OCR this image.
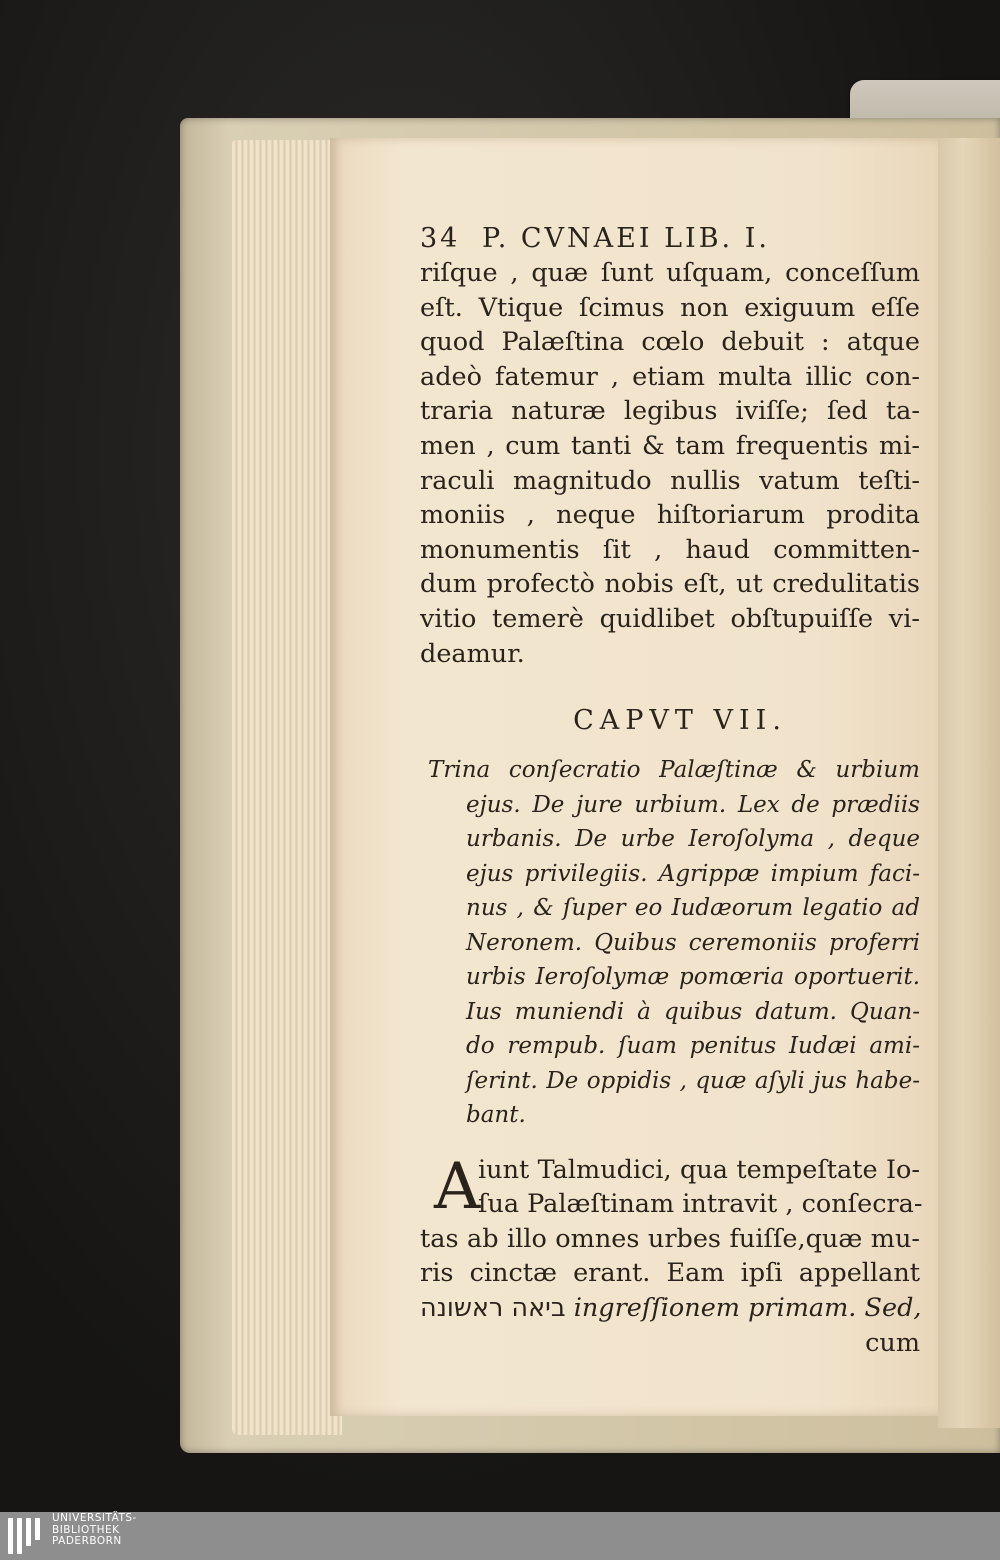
34 P. CVNAEI LIB. I.
riſque , quæ ſunt uſquam, conceſſum
eſt. Vtique ſcimus non exiguum eſſe
quod Palæſtina cœlo debuit : atque
adeò fatemur , etiam multa illic con-
traria naturæ legibus iviſſe; ſed ta-
men , cum tanti & tam frequentis mi-
raculi magnitudo nullis vatum teſti-
moniis , neque hiſtoriarum prodita
monumentis ſit , haud committen-
dum profectò nobis eſt, ut credulitatis
vitio temerè quidlibet obſtupuiſſe vi-
deamur.
CAPVT VII.
Trina conſecratio Palæſtinæ & urbium
ejus. De jure urbium. Lex de prædiis
urbanis. De urbe Ieroſolyma , deque
ejus privilegiis. Agrippæ impium faci-
nus , & ſuper eo Iudæorum legatio ad
Neronem. Quibus ceremoniis proferri
urbis Ieroſolymæ pomœria oportuerit.
Ius muniendi à quibus datum. Quan-
do rempub. ſuam penitus Iudæi ami-
ſerint. De oppidis , quæ aſyli jus habe-
bant.
A
iunt Talmudici, qua tempeſtate Io-
ſua Palæſtinam intravit , conſecra-
tas ab illo omnes urbes fuiſſe,quæ mu-
ris cinctæ erant. Eam ipſi appellant
ביאה ראשונה ingreſſionem primam. Sed,
cum
UNIVERSITÄTS-
BIBLIOTHEK
PADERBORN
